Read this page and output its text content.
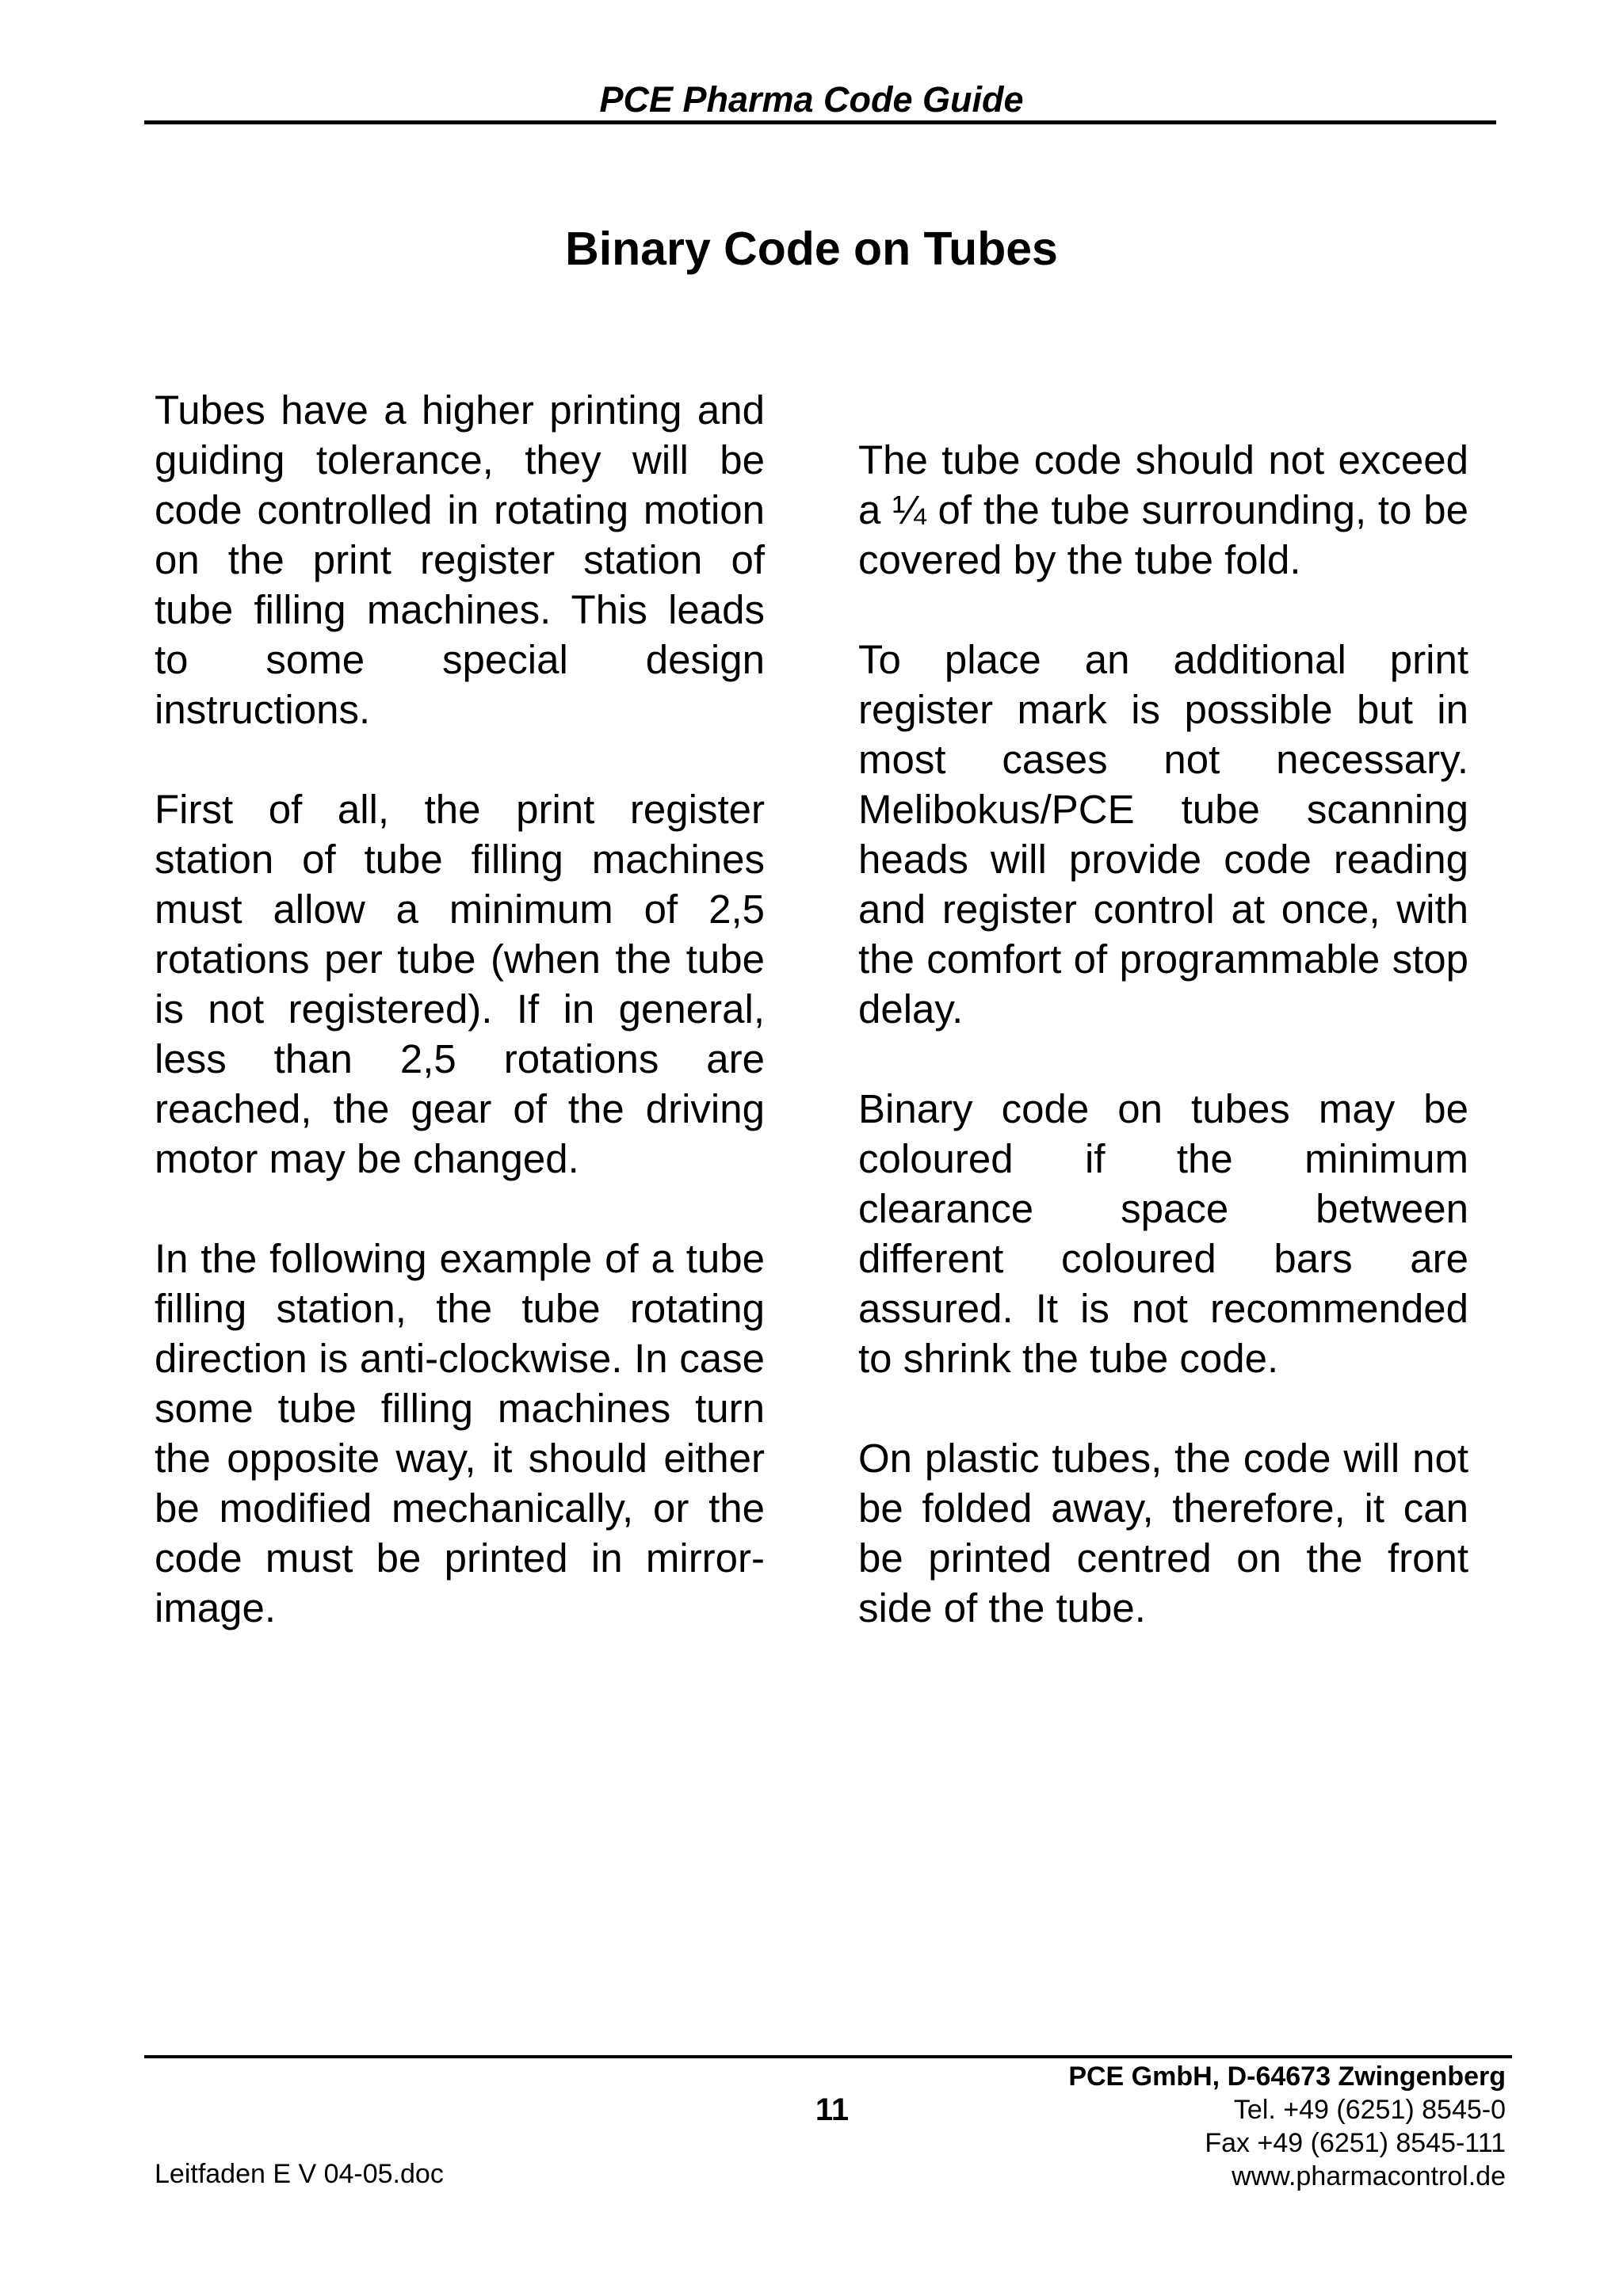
PCE Pharma Code Guide
Binary Code on Tubes

Tubes have a higher printing and guiding tolerance, they will be code controlled in rotating motion on the print register station of tube filling machines. This leads to some special design instructions.

First of all, the print register station of tube filling machines must allow a minimum of 2,5 rotations per tube (when the tube is not registered). If in general, less than 2,5 rotations are reached, the gear of the driving motor may be changed.

In the following example of a tube filling station, the tube rotating direction is anti-clockwise. In case some tube filling machines turn the opposite way, it should either be modified mechanically, or the code must be printed in mirror-image.

The tube code should not exceed a ¼ of the tube surrounding, to be covered by the tube fold.

To place an additional print register mark is possible but in most cases not necessary. Melibokus/PCE tube scanning heads will provide code reading and register control at once, with the comfort of programmable stop delay.

Binary code on tubes may be coloured if the minimum clearance space between different coloured bars are assured. It is not recommended to shrink the tube code.

On plastic tubes, the code will not be folded away, therefore, it can be printed centred on the front side of the tube.

11
Leitfaden E V 04-05.doc
PCE GmbH, D-64673 Zwingenberg
Tel. +49 (6251) 8545-0
Fax +49 (6251) 8545-111
www.pharmacontrol.de
